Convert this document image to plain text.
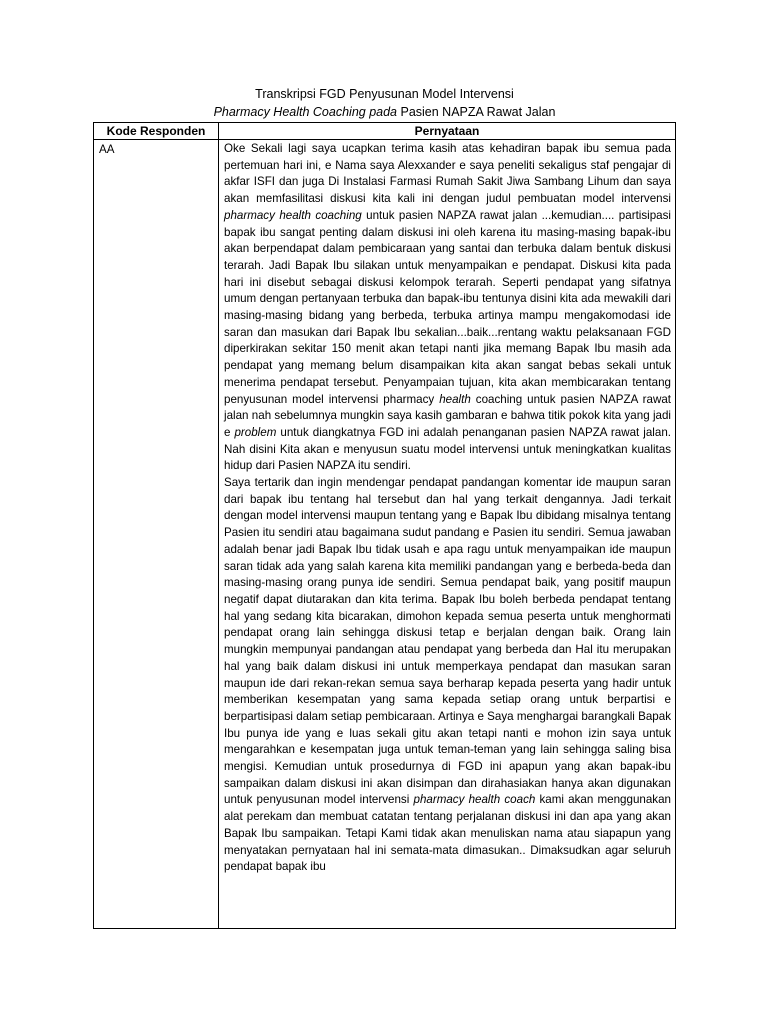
Transkripsi FGD Penyusunan Model Intervensi
Pharmacy Health Coaching pada Pasien NAPZA Rawat Jalan
Kode Responden	Pernyataan
AA	Oke Sekali lagi saya ucapkan terima kasih atas kehadiran bapak ibu semua pada pertemuan hari ini, e Nama saya Alexxander e saya peneliti sekaligus staf pengajar di akfar ISFI dan juga Di Instalasi Farmasi Rumah Sakit Jiwa Sambang Lihum dan saya akan memfasilitasi diskusi kita kali ini dengan judul pembuatan model intervensi pharmacy health coaching untuk pasien NAPZA rawat jalan ...kemudian.... partisipasi bapak ibu sangat penting dalam diskusi ini oleh karena itu masing-masing bapak-ibu akan berpendapat dalam pembicaraan yang santai dan terbuka dalam bentuk diskusi terarah. Jadi Bapak Ibu silakan untuk menyampaikan e pendapat. Diskusi kita pada hari ini disebut sebagai diskusi kelompok terarah. Seperti pendapat yang sifatnya umum dengan pertanyaan terbuka dan bapak-ibu tentunya disini kita ada mewakili dari masing-masing bidang yang berbeda, terbuka artinya mampu mengakomodasi ide saran dan masukan dari Bapak Ibu sekalian...baik...rentang waktu pelaksanaan FGD diperkirakan sekitar 150 menit akan tetapi nanti jika memang Bapak Ibu masih ada pendapat yang memang belum disampaikan kita akan sangat bebas sekali untuk menerima pendapat tersebut. Penyampaian tujuan, kita akan membicarakan tentang penyusunan model intervensi pharmacy health coaching untuk pasien NAPZA rawat jalan nah sebelumnya mungkin saya kasih gambaran e bahwa titik pokok kita yang jadi e problem untuk diangkatnya FGD ini adalah penanganan pasien NAPZA rawat jalan. Nah disini Kita akan e menyusun suatu model intervensi untuk meningkatkan kualitas hidup dari Pasien NAPZA itu sendiri.

Saya tertarik dan ingin mendengar pendapat pandangan komentar ide maupun saran dari bapak ibu tentang hal tersebut dan hal yang terkait dengannya. Jadi terkait dengan model intervensi maupun tentang yang e Bapak Ibu dibidang misalnya tentang Pasien itu sendiri atau bagaimana sudut pandang e Pasien itu sendiri. Semua jawaban adalah benar jadi Bapak Ibu tidak usah e apa ragu untuk menyampaikan ide maupun saran tidak ada yang salah karena kita memiliki pandangan yang e berbeda-beda dan masing-masing orang punya ide sendiri. Semua pendapat baik, yang positif maupun negatif dapat diutarakan dan kita terima. Bapak Ibu boleh berbeda pendapat tentang hal yang sedang kita bicarakan, dimohon kepada semua peserta untuk menghormati pendapat orang lain sehingga diskusi tetap e berjalan dengan baik. Orang lain mungkin mempunyai pandangan atau pendapat yang berbeda dan Hal itu merupakan hal yang baik dalam diskusi ini untuk memperkaya pendapat dan masukan saran maupun ide dari rekan-rekan semua saya berharap kepada peserta yang hadir untuk memberikan kesempatan yang sama kepada setiap orang untuk berpartisi e berpartisipasi dalam setiap pembicaraan. Artinya e Saya menghargai barangkali Bapak Ibu punya ide yang e luas sekali gitu akan tetapi nanti e mohon izin saya untuk mengarahkan e kesempatan juga untuk teman-teman yang lain sehingga saling bisa mengisi. Kemudian untuk prosedurnya di FGD ini apapun yang akan bapak-ibu sampaikan dalam diskusi ini akan disimpan dan dirahasiakan hanya akan digunakan untuk penyusunan model intervensi pharmacy health coach kami akan menggunakan alat perekam dan membuat catatan tentang perjalanan diskusi ini dan apa yang akan Bapak Ibu sampaikan. Tetapi Kami tidak akan menuliskan nama atau siapapun yang menyatakan pernyataan hal ini semata-mata dimasukan.. Dimaksudkan agar seluruh pendapat bapak ibu
